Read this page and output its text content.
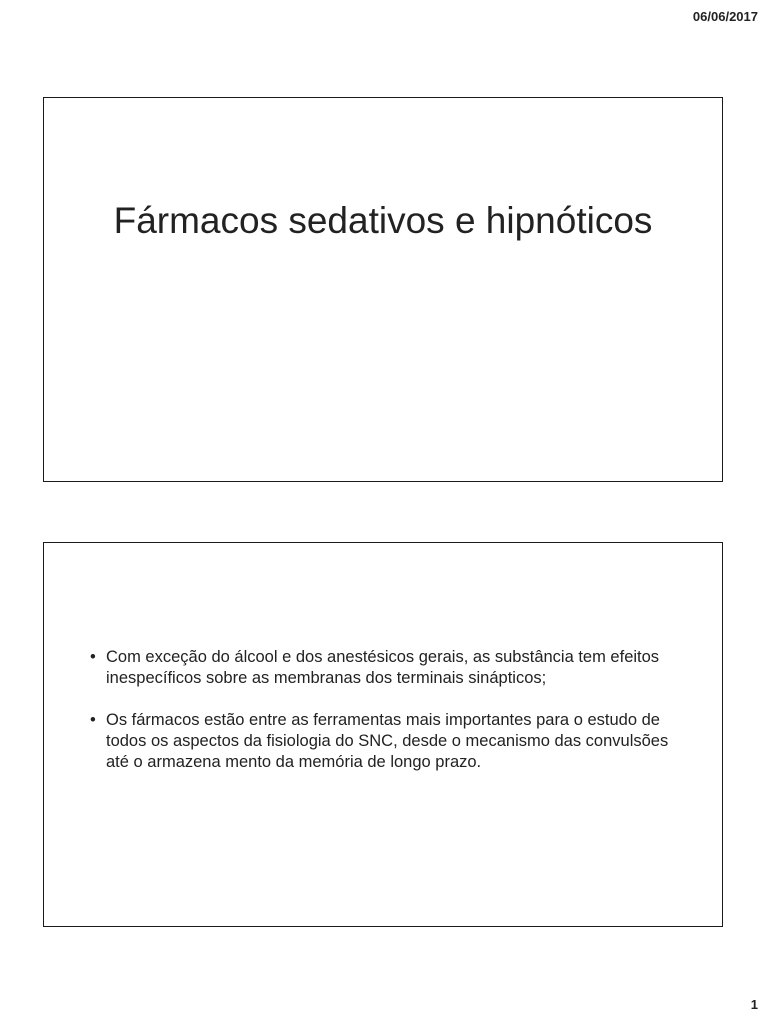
06/06/2017
Fármacos sedativos e hipnóticos
• Com exceção do álcool e dos anestésicos gerais, as substância tem efeitos inespecíficos sobre as membranas dos terminais sinápticos;
• Os fármacos estão entre as ferramentas mais importantes para o estudo de todos os aspectos da fisiologia do SNC, desde o mecanismo das convulsões até o armazena mento da memória de longo prazo.
1
